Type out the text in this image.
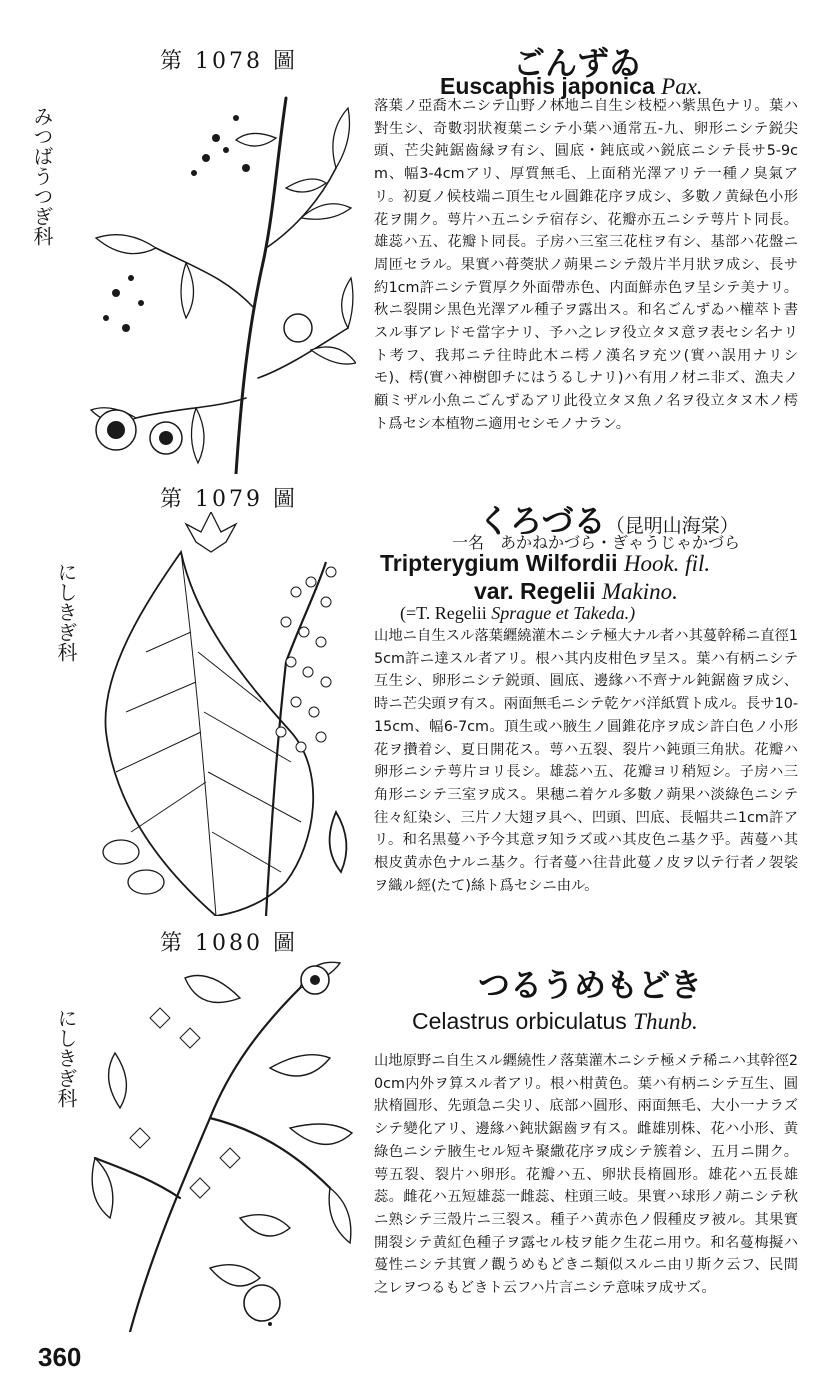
第 1078 圖
みつばうつぎ科
ごんずゐ
Euscaphis japonica Pax.

落葉ノ亞喬木ニシテ山野ノ林地ニ自生シ枝椏ハ紫黒色ナリ。葉ハ對生シ、奇數羽狀複葉ニシテ小葉ハ通常五-九、卵形ニシテ鋭尖頭、芒尖鈍鋸齒縁ヲ有シ、圓底・鈍底或ハ鋭底ニシテ長サ5-9cm、幅3-4cmアリ、厚質無毛、上面稍光澤アリテ一種ノ臭氣アリ。初夏ノ候枝端ニ頂生セル圓錐花序ヲ成シ、多數ノ黄緑色小形花ヲ開ク。萼片ハ五ニシテ宿存シ、花瓣亦五ニシテ萼片ト同長。雄蕊ハ五、花瓣ト同長。子房ハ三室三花柱ヲ有シ、基部ハ花盤ニ周匝セラル。果實ハ蓇葖狀ノ蒴果ニシテ殼片半月狀ヲ成シ、長サ約1cm許ニシテ質厚ク外面帶赤色、内面鮮赤色ヲ呈シテ美ナリ。秋ニ裂開シ黒色光澤アル種子ヲ露出ス。和名ごんずゐハ權萃ト書スル事アレドモ當字ナリ、予ハ之レヲ役立タヌ意ヲ表セシ名ナリト考フ、我邦ニテ往時此木ニ樗ノ漢名ヲ充ツ(實ハ誤用ナリシモ)、樗(實ハ神樹卽チにはうるしナリ)ハ有用ノ材ニ非ズ、漁夫ノ顧ミザル小魚ニごんずゐアリ此役立タヌ魚ノ名ヲ役立タヌ木ノ樗ト爲セシ本植物ニ適用セシモノナラン。

第 1079 圖
にしきぎ科
くろづる（昆明山海棠）
一名　あかねかづら・ぎゃうじゃかづら
Tripterygium Wilfordii Hook. fil.
var. Regelii Makino.
(=T. Regelii Sprague et Takeda.)

山地ニ自生スル落葉纒繞灌木ニシテ極大ナル者ハ其蔓幹稀ニ直徑15cm許ニ達スル者アリ。根ハ其内皮柑色ヲ呈ス。葉ハ有柄ニシテ互生シ、卵形ニシテ鋭頭、圓底、邊緣ハ不齊ナル鈍鋸齒ヲ成シ、時ニ芒尖頭ヲ有ス。兩面無毛ニシテ乾ケバ洋紙質ト成ル。長サ10-15cm、幅6-7cm。頂生或ハ腋生ノ圓錐花序ヲ成シ許白色ノ小形花ヲ攢着シ、夏日開花ス。萼ハ五裂、裂片ハ鈍頭三角狀。花瓣ハ卵形ニシテ萼片ヨリ長シ。雄蕊ハ五、花瓣ヨリ稍短シ。子房ハ三角形ニシテ三室ヲ成ス。果穗ニ着ケル多數ノ蒴果ハ淡綠色ニシテ往々紅染シ、三片ノ大翅ヲ具ヘ、凹頭、凹底、長幅共ニ1cm許アリ。和名黒蔓ハ予今其意ヲ知ラズ或ハ其皮色ニ基ク乎。茜蔓ハ其根皮黄赤色ナルニ基ク。行者蔓ハ往昔此蔓ノ皮ヲ以テ行者ノ袈裟ヲ織ル經(たて)絲ト爲セシニ由ル。

第 1080 圖
にしきぎ科
つるうめもどき
Celastrus orbiculatus Thunb.

山地原野ニ自生スル纒繞性ノ落葉灌木ニシテ極メテ稀ニハ其幹徑20cm内外ヲ算スル者アリ。根ハ柑黄色。葉ハ有柄ニシテ互生、圓狀楕圓形、先頭急ニ尖リ、底部ハ圓形、兩面無毛、大小一ナラズシテ變化アリ、邊緣ハ鈍狀鋸齒ヲ有ス。雌雄別株、花ハ小形、黄綠色ニシテ腋生セル短キ聚繖花序ヲ成シテ簇着シ、五月ニ開ク。萼五裂、裂片ハ卵形。花瓣ハ五、卵狀長楕圓形。雄花ハ五長雄蕊。雌花ハ五短雄蕊一雌蕊、柱頭三岐。果實ハ球形ノ蒴ニシテ秋ニ熟シテ三殼片ニ三裂ス。種子ハ黄赤色ノ假種皮ヲ被ル。其果實開裂シテ黄紅色種子ヲ露セル枝ヲ能ク生花ニ用ウ。和名蔓梅擬ハ蔓性ニシテ其實ノ觀うめもどきニ類似スルニ由リ斯ク云フ、民間之レヲつるもどきト云フハ片言ニシテ意味ヲ成サズ。

360
